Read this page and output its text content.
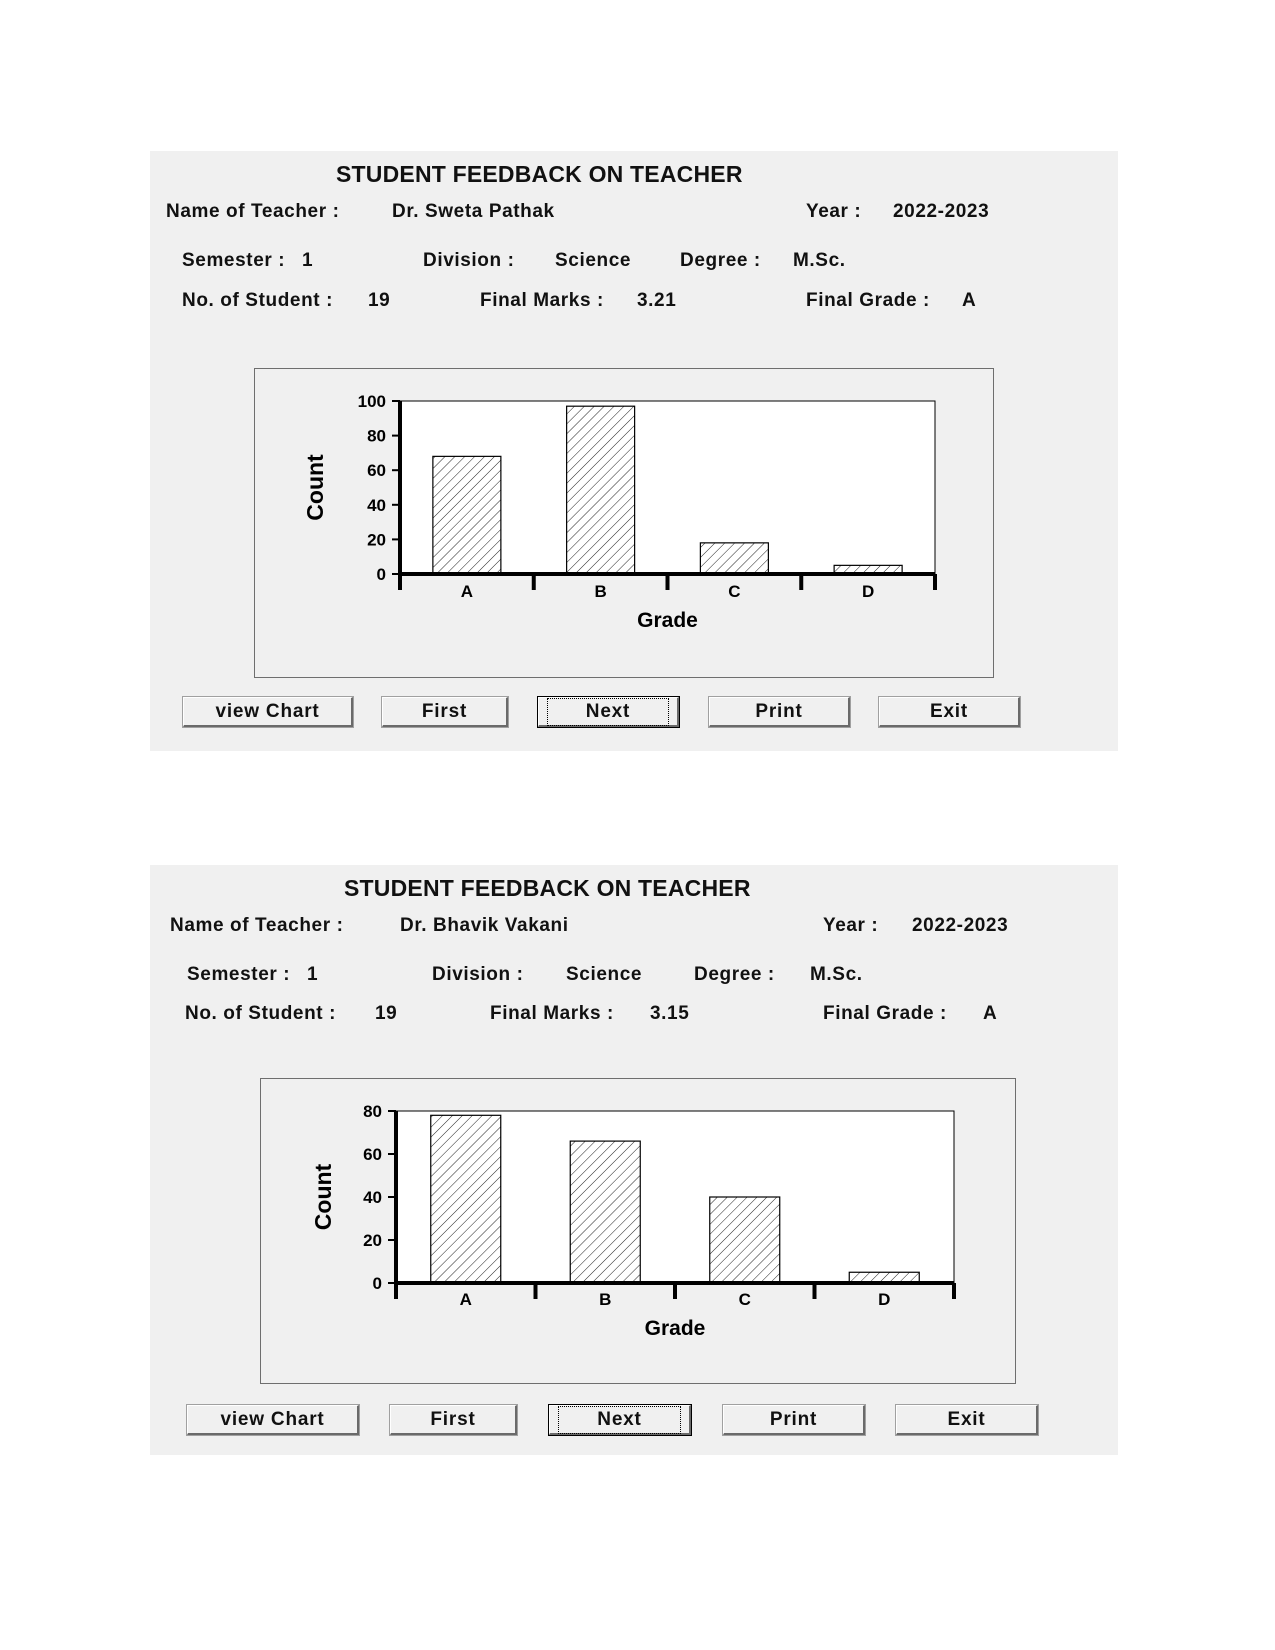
STUDENT FEEDBACK ON TEACHER
Name of Teacher :	Dr. Sweta Pathak	Year : 2022-2023
Semester : 1	Division : Science	Degree : M.Sc.
No. of Student : 19	Final Marks : 3.21	Final Grade : A
0
20
40
60
80
100
A	B	C	D
Grade
Count
view Chart	First	Next	Print	Exit
STUDENT FEEDBACK ON TEACHER
Name of Teacher :	Dr. Bhavik Vakani	Year : 2022-2023
Semester : 1	Division : Science	Degree : M.Sc.
No. of Student : 19	Final Marks : 3.15	Final Grade : A
0
20
40
60
80
A	B	C	D
Grade
Count
view Chart	First	Next	Print	Exit
